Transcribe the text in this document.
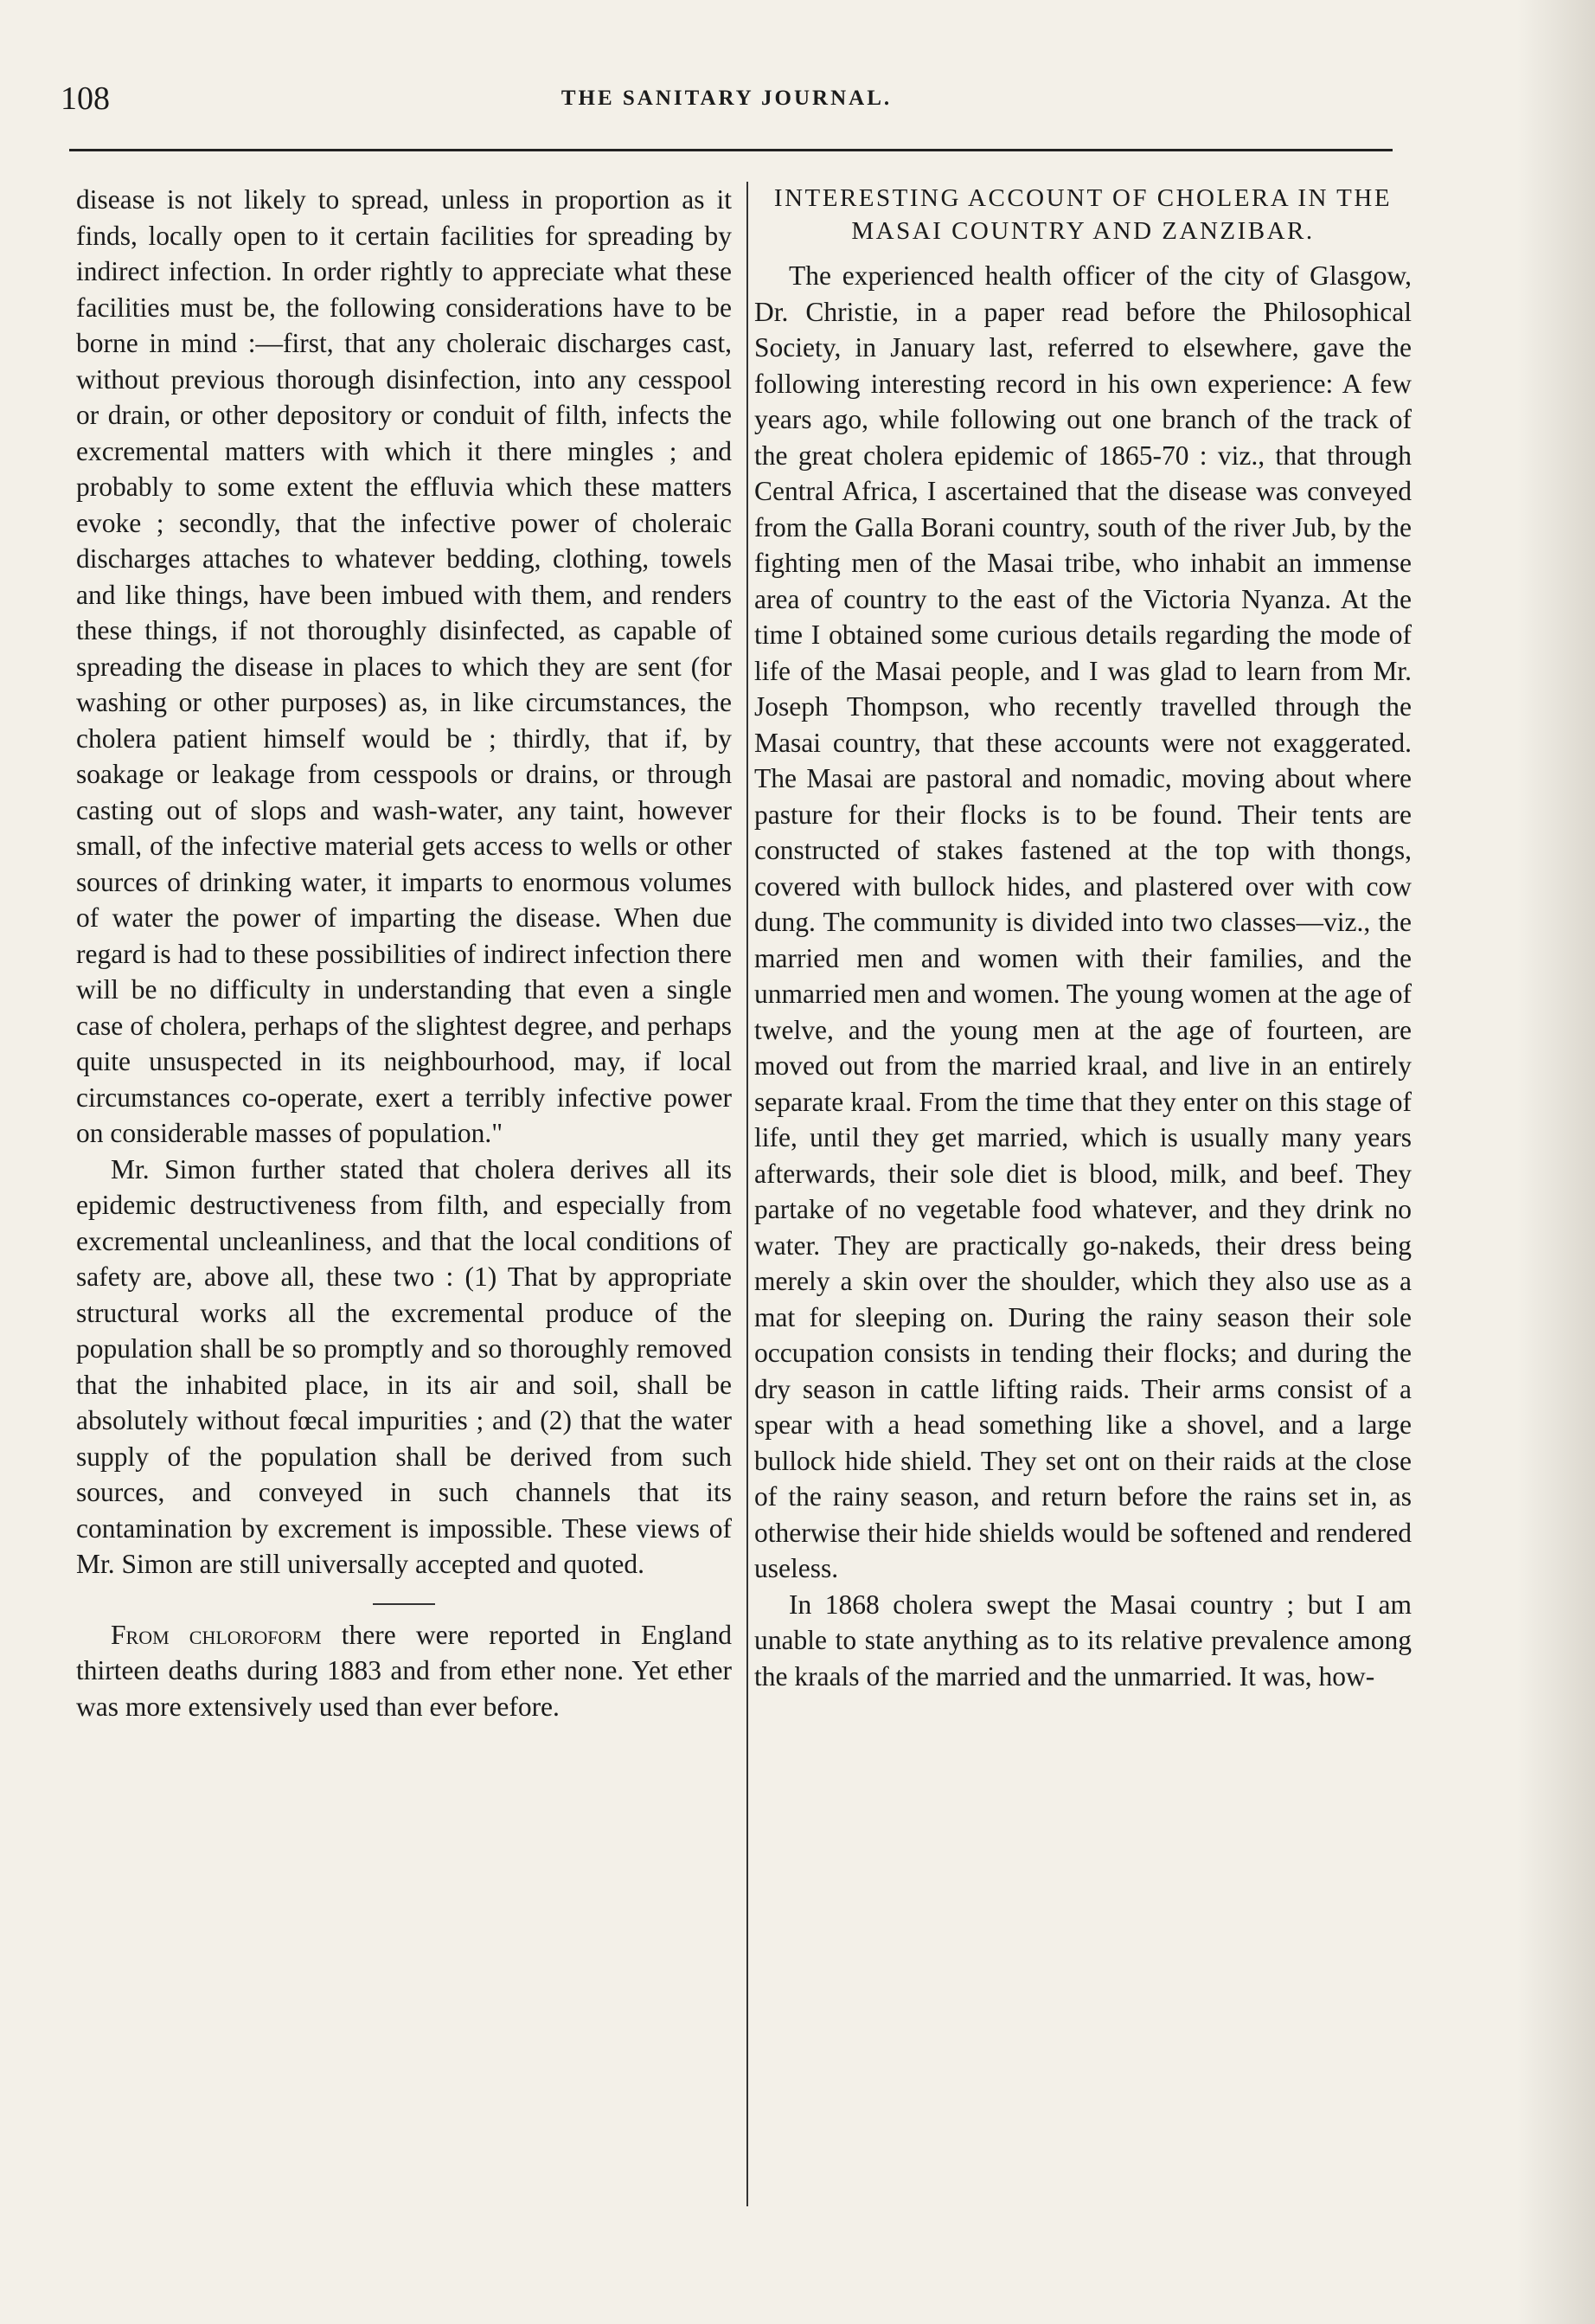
108	THE SANITARY JOURNAL.

disease is not likely to spread, unless in proportion as it finds, locally open to it certain facilities for spreading by indirect infection. In order rightly to appreciate what these facilities must be, the following considerations have to be borne in mind :—first, that any choleraic discharges cast, without previous thorough disinfection, into any cesspool or drain, or other depository or conduit of filth, infects the excremental matters with which it there mingles ; and probably to some extent the effluvia which these matters evoke ; secondly, that the infective power of choleraic discharges attaches to whatever bedding, clothing, towels and like things, have been imbued with them, and renders these things, if not thoroughly disinfected, as capable of spreading the disease in places to which they are sent (for washing or other purposes) as, in like circumstances, the cholera patient himself would be ; thirdly, that if, by soakage or leakage from cesspools or drains, or through casting out of slops and wash-water, any taint, however small, of the infective material gets access to wells or other sources of drinking water, it imparts to enormous volumes of water the power of imparting the disease. When due regard is had to these possibilities of indirect infection there will be no difficulty in understanding that even a single case of cholera, perhaps of the slightest degree, and perhaps quite unsuspected in its neighbourhood, may, if local circumstances co-operate, exert a terribly infective power on considerable masses of population."

Mr. Simon further stated that cholera derives all its epidemic destructiveness from filth, and especially from excremental uncleanliness, and that the local conditions of safety are, above all, these two : (1) That by appropriate structural works all the excremental produce of the population shall be so promptly and so thoroughly removed that the inhabited place, in its air and soil, shall be absolutely without fœcal impurities ; and (2) that the water supply of the population shall be derived from such sources, and conveyed in such channels that its contamination by excrement is impossible. These views of Mr. Simon are still universally accepted and quoted.

From chloroform there were reported in England thirteen deaths during 1883 and from ether none. Yet ether was more extensively used than ever before.

INTERESTING ACCOUNT OF CHOLERA IN THE MASAI COUNTRY AND ZANZIBAR.

The experienced health officer of the city of Glasgow, Dr. Christie, in a paper read before the Philosophical Society, in January last, referred to elsewhere, gave the following interesting record in his own experience: A few years ago, while following out one branch of the track of the great cholera epidemic of 1865-70 : viz., that through Central Africa, I ascertained that the disease was conveyed from the Galla Borani country, south of the river Jub, by the fighting men of the Masai tribe, who inhabit an immense area of country to the east of the Victoria Nyanza. At the time I obtained some curious details regarding the mode of life of the Masai people, and I was glad to learn from Mr. Joseph Thompson, who recently travelled through the Masai country, that these accounts were not exaggerated. The Masai are pastoral and nomadic, moving about where pasture for their flocks is to be found. Their tents are constructed of stakes fastened at the top with thongs, covered with bullock hides, and plastered over with cow dung. The community is divided into two classes—viz., the married men and women with their families, and the unmarried men and women. The young women at the age of twelve, and the young men at the age of fourteen, are moved out from the married kraal, and live in an entirely separate kraal. From the time that they enter on this stage of life, until they get married, which is usually many years afterwards, their sole diet is blood, milk, and beef. They partake of no vegetable food whatever, and they drink no water. They are practically go-nakeds, their dress being merely a skin over the shoulder, which they also use as a mat for sleeping on. During the rainy season their sole occupation consists in tending their flocks; and during the dry season in cattle lifting raids. Their arms consist of a spear with a head something like a shovel, and a large bullock hide shield. They set ont on their raids at the close of the rainy season, and return before the rains set in, as otherwise their hide shields would be softened and rendered useless.

In 1868 cholera swept the Masai country ; but I am unable to state anything as to its relative prevalence among the kraals of the married and the unmarried. It was, how-
